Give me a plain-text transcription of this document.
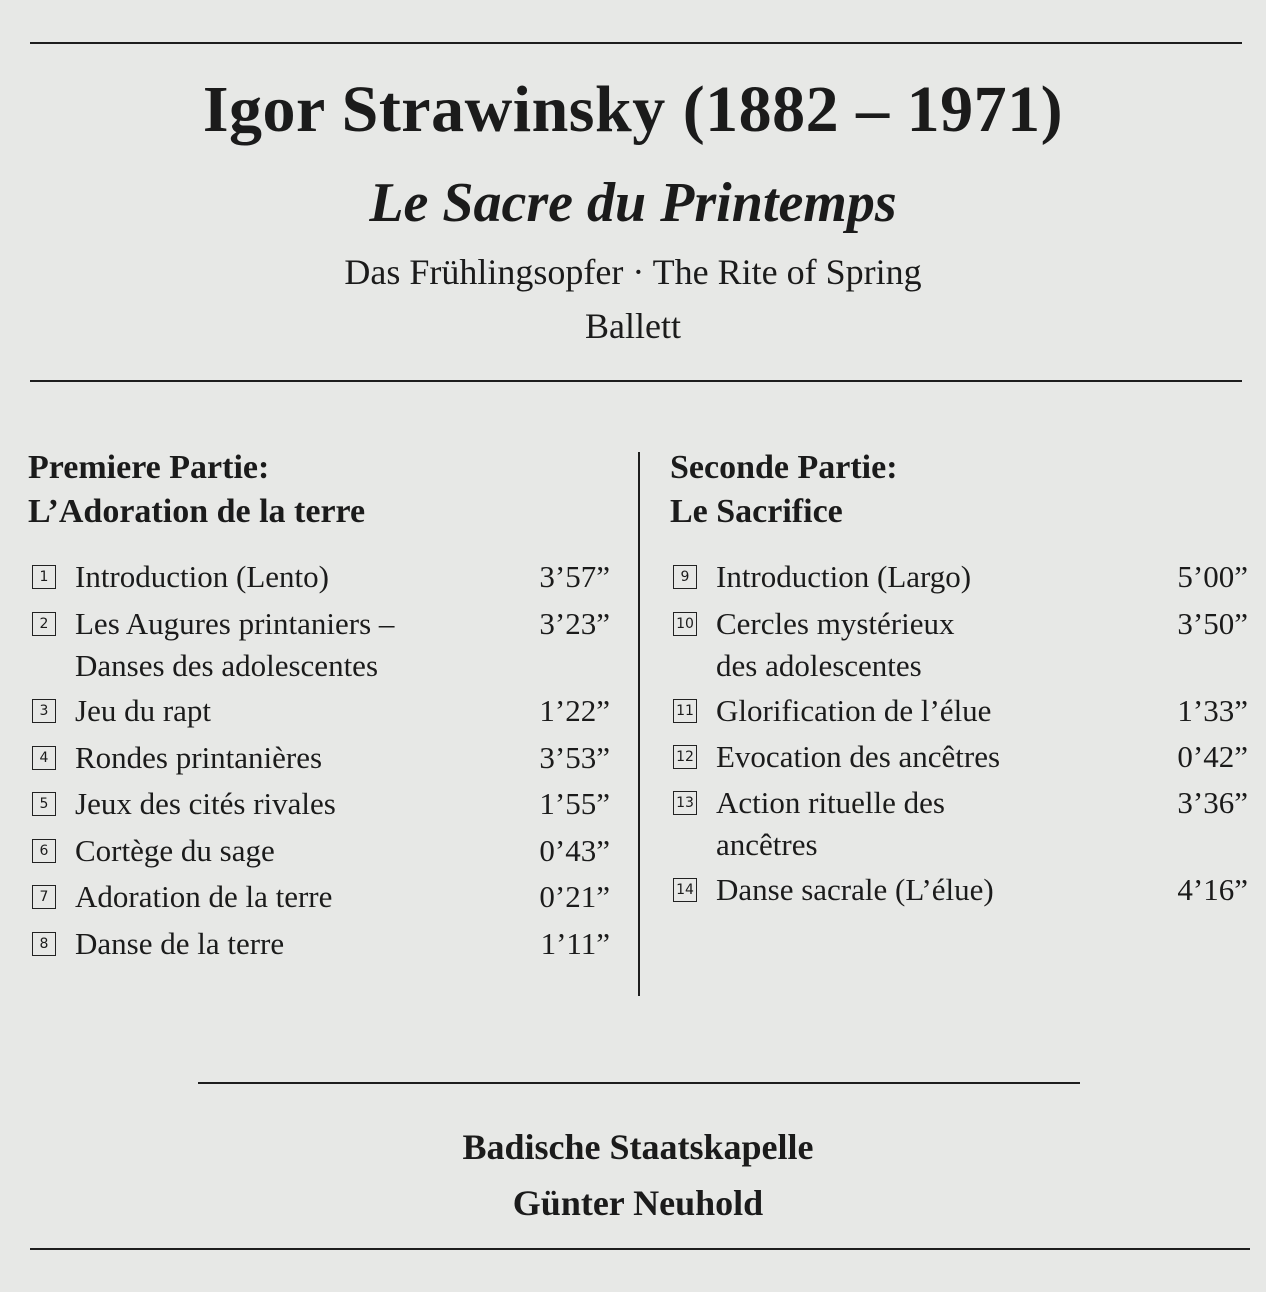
Igor Strawinsky (1882 – 1971)
Le Sacre du Printemps
Das Frühlingsopfer · The Rite of Spring
Ballett
Premiere Partie:
L’Adoration de la terre
Seconde Partie:
Le Sacrifice
1 Introduction (Lento)	3’57”
2 Les Augures printaniers –
Danses des adolescentes
3’23”
3 Jeu du rapt	1’22”
4 Rondes printanières	3’53”
5 Jeux des cités rivales	1’55”
6 Cortège du sage	0’43”
7 Adoration de la terre	0’21”
8 Danse de la terre	1’11”
9 Introduction (Largo)	5’00”
10 Cercles mystérieux
des adolescentes
3’50”
11 Glorification de l’élue	1’33”
12 Evocation des ancêtres	0’42”
13 Action rituelle des
ancêtres
3’36”
14 Danse sacrale (L’élue)	4’16”
Badische Staatskapelle
Günter Neuhold
